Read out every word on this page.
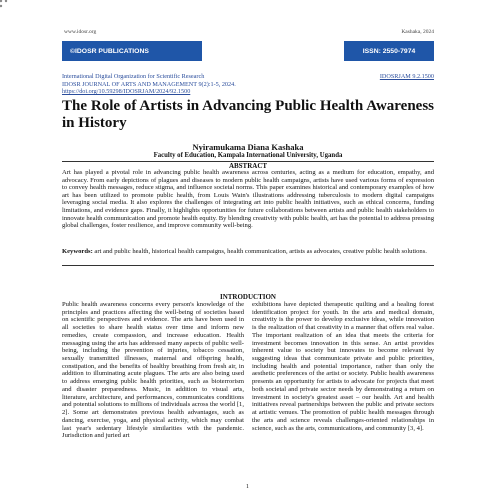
www.idosr.org	Kashaka, 2024
©IDOSR PUBLICATIONS	ISSN: 2550-7974
International Digital Organization for Scientific Research	IDOSRJAM 9.2.1500
IDOSR JOURNAL OF ARTS AND MANAGEMENT 9(2):1-5, 2024.
https://doi.org/10.59298/IDOSRJAM/2024/92.1500
The Role of Artists in Advancing Public Health Awareness in History
Nyiramukama Diana Kashaka
Faculty of Education, Kampala International University, Uganda
ABSTRACT
Art has played a pivotal role in advancing public health awareness across centuries, acting as a medium for education, empathy, and advocacy. From early depictions of plagues and diseases to modern public health campaigns, artists have used various forms of expression to convey health messages, reduce stigma, and influence societal norms. This paper examines historical and contemporary examples of how art has been utilized to promote public health, from Louis Wain's illustrations addressing tuberculosis to modern digital campaigns leveraging social media. It also explores the challenges of integrating art into public health initiatives, such as ethical concerns, funding limitations, and evidence gaps. Finally, it highlights opportunities for future collaborations between artists and public health stakeholders to innovate health communication and promote health equity. By blending creativity with public health, art has the potential to address pressing global challenges, foster resilience, and improve community well-being.
Keywords: art and public health, historical health campaigns, health communication, artists as advocates, creative public health solutions.
INTRODUCTION
Public health awareness concerns every person's knowledge of the principles and practices affecting the well-being of societies based on scientific perspectives and evidence. The arts have been used in all societies to share health status over time and inform new remedies, create compassion, and increase education. Health messaging using the arts has addressed many aspects of public well-being, including the prevention of injuries, tobacco cessation, sexually transmitted illnesses, maternal and offspring health, constipation, and the benefits of healthy breathing from fresh air, in addition to illuminating acute plagues. The arts are also being used to address emerging public health priorities, such as bioterrorism and disaster preparedness. Music, in addition to visual arts, literature, architecture, and performances, communicates conditions and potential solutions to millions of individuals across the world [1, 2]. Some art demonstrates previous health advantages, such as dancing, exercise, yoga, and physical activity, which may combat last year's sedentary lifestyle similarities with the pandemic. Jurisdiction and juried art
exhibitions have depicted therapeutic quilting and a healing forest identification project for youth. In the arts and medical domain, creativity is the power to develop exclusive ideas, while innovation is the realization of that creativity in a manner that offers real value. The important realization of an idea that meets the criteria for investment becomes innovation in this sense. An artist provides inherent value to society but innovates to become relevant by suggesting ideas that communicate private and public priorities, including health and potential importance, rather than only the aesthetic preferences of the artist or society. Public health awareness presents an opportunity for artists to advocate for projects that meet both societal and private sector needs by demonstrating a return on investment in society's greatest asset – our health. Art and health initiatives reveal partnerships between the public and private sectors at artistic venues. The promotion of public health messages through the arts and science reveals challenges-oriented relationships in science, such as the arts, communications, and community [3, 4].
1
